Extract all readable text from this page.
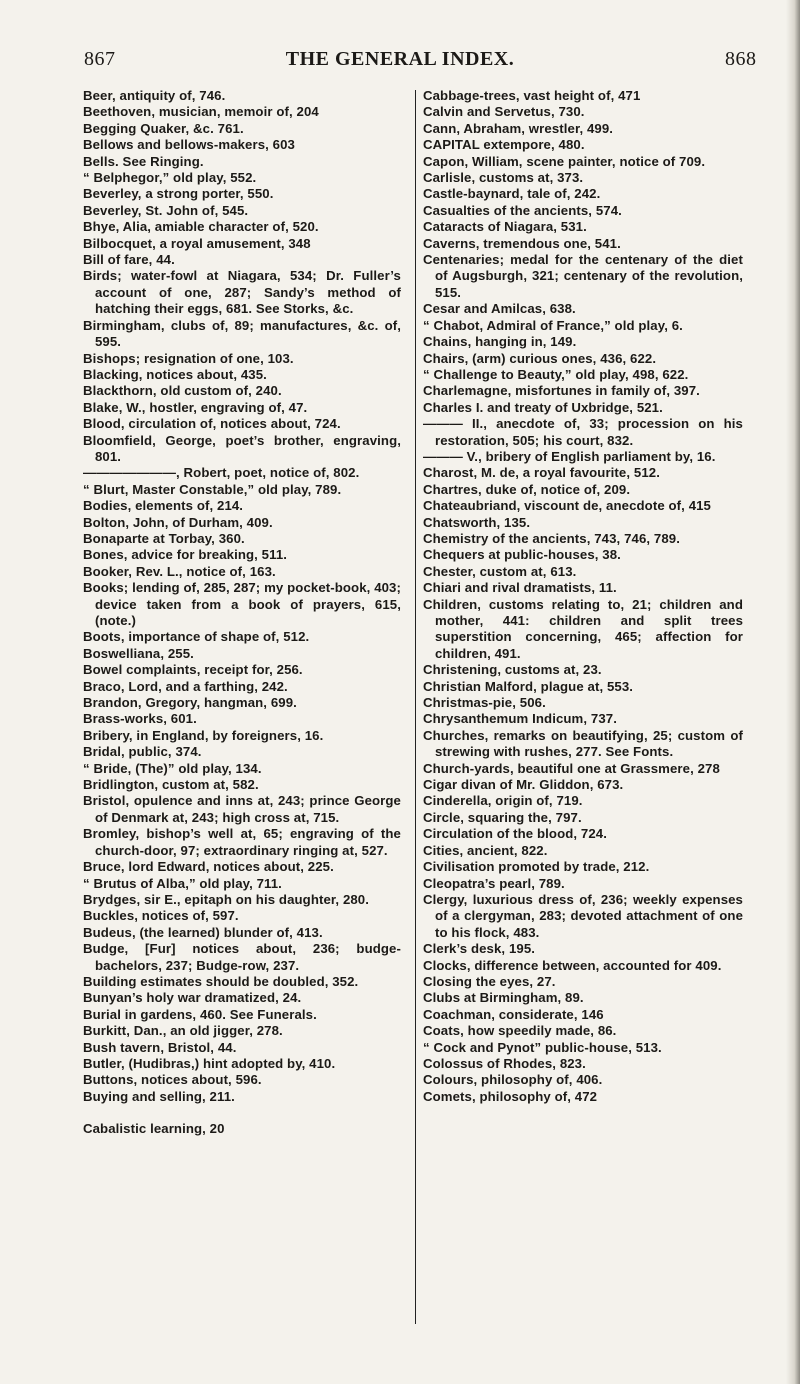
THE GENERAL INDEX.
867	868
Beer, antiquity of, 746.
Beethoven, musician, memoir of, 204
Begging Quaker, &c. 761.
Bellows and bellows-makers, 603
Bells. See Ringing.
“ Belphegor,” old play, 552.
Beverley, a strong porter, 550.
Beverley, St. John of, 545.
Bhye, Alia, amiable character of, 520.
Bilbocquet, a royal amusement, 348
Bill of fare, 44.
Birds; water-fowl at Niagara, 534; Dr. Fuller’s account of one, 287; Sandy’s method of hatching their eggs, 681. See Storks, &c.
Birmingham, clubs of, 89; manufactures, &c. of, 595.
Bishops; resignation of one, 103.
Blacking, notices about, 435.
Blackthorn, old custom of, 240.
Blake, W., hostler, engraving of, 47.
Blood, circulation of, notices about, 724.
Bloomfield, George, poet’s brother, engraving, 801.
———————, Robert, poet, notice of, 802.
“ Blurt, Master Constable,” old play, 789.
Bodies, elements of, 214.
Bolton, John, of Durham, 409.
Bonaparte at Torbay, 360.
Bones, advice for breaking, 511.
Booker, Rev. L., notice of, 163.
Books; lending of, 285, 287; my pocket-book, 403; device taken from a book of prayers, 615, (note.)
Boots, importance of shape of, 512.
Boswelliana, 255.
Bowel complaints, receipt for, 256.
Braco, Lord, and a farthing, 242.
Brandon, Gregory, hangman, 699.
Brass-works, 601.
Bribery, in England, by foreigners, 16.
Bridal, public, 374.
“ Bride, (The)” old play, 134.
Bridlington, custom at, 582.
Bristol, opulence and inns at, 243; prince George of Denmark at, 243; high cross at, 715.
Bromley, bishop’s well at, 65; engraving of the church-door, 97; extraordinary ringing at, 527.
Bruce, lord Edward, notices about, 225.
“ Brutus of Alba,” old play, 711.
Brydges, sir E., epitaph on his daughter, 280.
Buckles, notices of, 597.
Budeus, (the learned) blunder of, 413.
Budge, [Fur] notices about, 236; budge-bachelors, 237; Budge-row, 237.
Building estimates should be doubled, 352.
Bunyan’s holy war dramatized, 24.
Burial in gardens, 460. See Funerals.
Burkitt, Dan., an old jigger, 278.
Bush tavern, Bristol, 44.
Butler, (Hudibras,) hint adopted by, 410.
Buttons, notices about, 596.
Buying and selling, 211.
Cabalistic learning, 20
Cabbage-trees, vast height of, 471
Calvin and Servetus, 730.
Cann, Abraham, wrestler, 499.
CAPITAL extempore, 480.
Capon, William, scene painter, notice of 709.
Carlisle, customs at, 373.
Castle-baynard, tale of, 242.
Casualties of the ancients, 574.
Cataracts of Niagara, 531.
Caverns, tremendous one, 541.
Centenaries; medal for the centenary of the diet of Augsburgh, 321; centenary of the revolution, 515.
Cesar and Amilcas, 638.
“ Chabot, Admiral of France,” old play, 6.
Chains, hanging in, 149.
Chairs, (arm) curious ones, 436, 622.
“ Challenge to Beauty,” old play, 498, 622.
Charlemagne, misfortunes in family of, 397.
Charles I. and treaty of Uxbridge, 521.
——— II., anecdote of, 33; procession on his restoration, 505; his court, 832.
——— V., bribery of English parliament by, 16.
Charost, M. de, a royal favourite, 512.
Chartres, duke of, notice of, 209.
Chateaubriand, viscount de, anecdote of, 415
Chatsworth, 135.
Chemistry of the ancients, 743, 746, 789.
Chequers at public-houses, 38.
Chester, custom at, 613.
Chiari and rival dramatists, 11.
Children, customs relating to, 21; children and mother, 441: children and split trees superstition concerning, 465; affection for children, 491.
Christening, customs at, 23.
Christian Malford, plague at, 553.
Christmas-pie, 506.
Chrysanthemum Indicum, 737.
Churches, remarks on beautifying, 25; custom of strewing with rushes, 277. See Fonts.
Church-yards, beautiful one at Grassmere, 278
Cigar divan of Mr. Gliddon, 673.
Cinderella, origin of, 719.
Circle, squaring the, 797.
Circulation of the blood, 724.
Cities, ancient, 822.
Civilisation promoted by trade, 212.
Cleopatra’s pearl, 789.
Clergy, luxurious dress of, 236; weekly expenses of a clergyman, 283; devoted attachment of one to his flock, 483.
Clerk’s desk, 195.
Clocks, difference between, accounted for 409.
Closing the eyes, 27.
Clubs at Birmingham, 89.
Coachman, considerate, 146
Coats, how speedily made, 86.
“ Cock and Pynot” public-house, 513.
Colossus of Rhodes, 823.
Colours, philosophy of, 406.
Comets, philosophy of, 472
